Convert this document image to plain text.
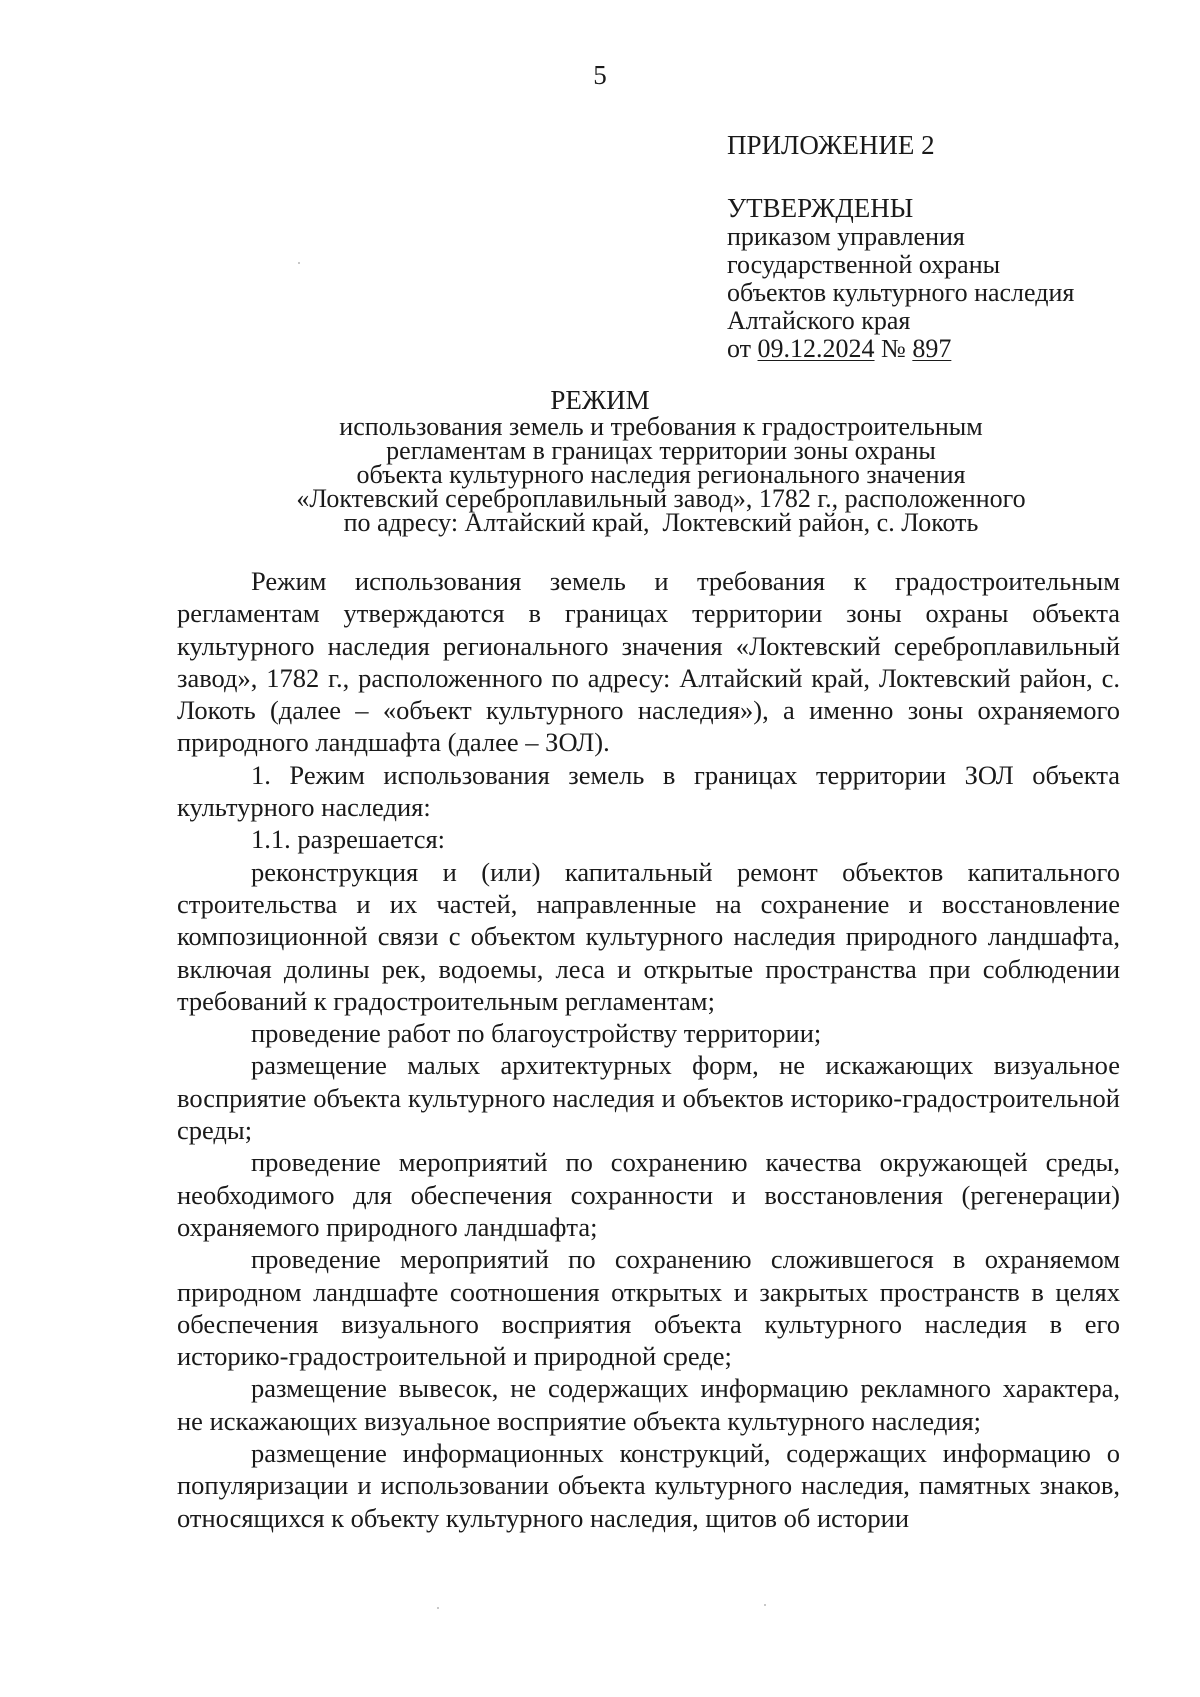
5
ПРИЛОЖЕНИЕ 2
УТВЕРЖДЕНЫ
приказом управления
государственной охраны
объектов культурного наследия
Алтайского края
от 09.12.2024 № 897
РЕЖИМ
использования земель и требования к градостроительным
регламентам в границах территории зоны охраны
объекта культурного наследия регионального значения
«Локтевский сереброплавильный завод», 1782 г., расположенного
по адресу: Алтайский край,  Локтевский район, с. Локоть

Режим использования земель и требования к градостроительным регламентам утверждаются в границах территории зоны охраны объекта культурного наследия регионального значения «Локтевский сереброплавильный завод», 1782 г., расположенного по адресу: Алтайский край, Локтевский район, с. Локоть (далее – «объект культурного наследия»), а именно зоны охраняемого природного ландшафта (далее – ЗОЛ).

1. Режим использования земель в границах территории ЗОЛ объекта культурного наследия:

1.1. разрешается:

реконструкция и (или) капитальный ремонт объектов капитального строительства и их частей, направленные на сохранение и восстановление композиционной связи с объектом культурного наследия природного ландшафта, включая долины рек, водоемы, леса и открытые пространства при соблюдении требований к градостроительным регламентам;

проведение работ по благоустройству территории;

размещение малых архитектурных форм, не искажающих визуальное восприятие объекта культурного наследия и объектов историко-градостроительной среды;

проведение мероприятий по сохранению качества окружающей среды, необходимого для обеспечения сохранности и восстановления (регенерации) охраняемого природного ландшафта;

проведение мероприятий по сохранению сложившегося в охраняемом природном ландшафте соотношения открытых и закрытых пространств в целях обеспечения визуального восприятия объекта культурного наследия в его историко-градостроительной и природной среде;

размещение вывесок, не содержащих информацию рекламного характера, не искажающих визуальное восприятие объекта культурного наследия;

размещение информационных конструкций, содержащих информацию о популяризации и использовании объекта культурного наследия, памятных знаков, относящихся к объекту культурного наследия, щитов об истории
